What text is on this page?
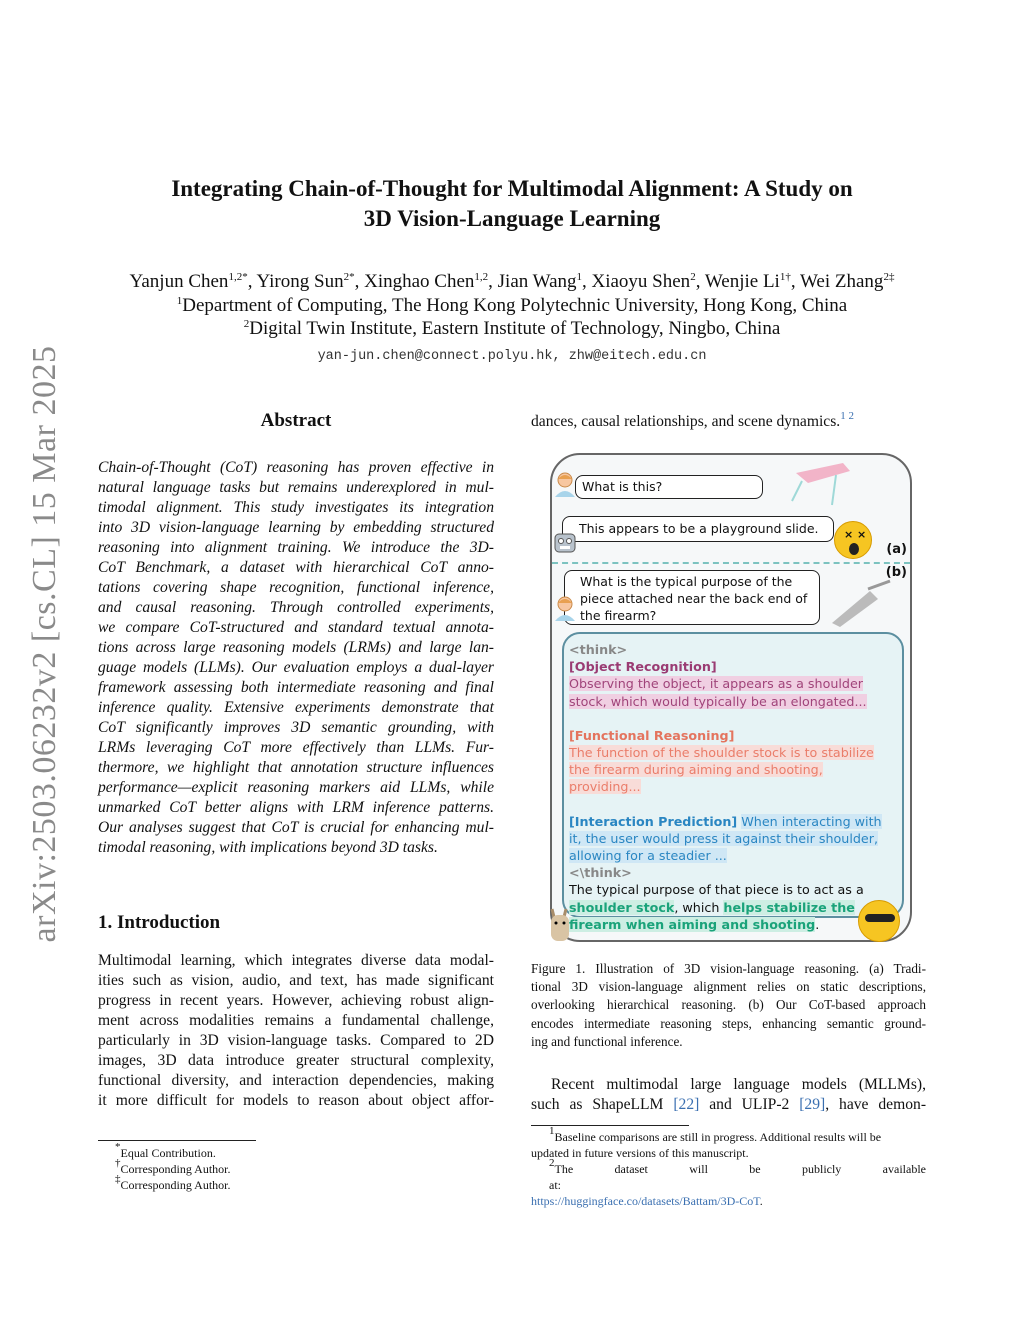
Integrating Chain-of-Thought for Multimodal Alignment: A Study on
3D Vision-Language Learning
Yanjun Chen$^{1,2*}$, Yirong Sun$^{2*}$, Xinghao Chen$^{1,2}$, Jian Wang$^1$, Xiaoyu Shen$^2$, Wenjie $Li^{1\dagger}$, Wei Zhang$^{2\ddagger}$
$^1$Department of Computing, The Hong Kong Polytechnic University, Hong Kong, China
$^2$Digital Twin Institute, Eastern Institute of Technology, Ningbo, China
yan-jun.chen@connect.polyu.hk, zhw@eitech.edu.cn
arXiv:2503.06232v2 [cs.CL] 15 Mar 2025	Abstract
Chain-of-Thought (CoT) reasoning has proven effective in
natural language tasks but remains underexplored in mul-
timodal alignment. This study investigates its integration
into 3D vision-language learning by embedding structured
reasoning into alignment training. We introduce the 3D-
CoT Benchmark, a dataset with hierarchical CoT anno-
tations covering shape recognition, functional inference,
and causal reasoning. Through controlled experiments,
we compare CoT-structured and standard textual annota-
tions across large reasoning models (LRMs) and large lan-
guage models (LLMs). Our evaluation employs a dual-layer
framework assessing both intermediate reasoning and final
inference quality. Extensive experiments demonstrate that
CoT significantly improves 3D semantic grounding, with
LRMs leveraging CoT more effectively than LLMs. Fur-
thermore, we highlight that annotation structure influences
performance—explicit reasoning markers aid LLMs, while
unmarked CoT better aligns with LRM inference patterns.
Our analyses suggest that CoT is crucial for enhancing mul-
timodal reasoning, with implications beyond 3D tasks.
1. Introduction
Multimodal learning, which integrates diverse data modal-
ities such as vision, audio, and text, has made significant
progress in recent years. However, achieving robust align-
ment across modalities remains a fundamental challenge,
particularly in 3D vision-language tasks. Compared to 2D
images, 3D data introduce greater structural complexity,
functional diversity, and interaction dependencies, making
it more difficult for models to reason about object affor-
*Equal Contribution.
†Corresponding Author.
‡Corresponding Author.
dances, causal relationships, and scene dynamics.$^{1 2}$
What is this?
This appears to be a playground slide.	× ×
(a)
(b)
What is the typical purpose of the piece attached near the back end of the firearm?
<think>
[Object Recognition]
Observing the object, it appears as a shoulder stock, which would typically be an elongated...
[Functional Reasoning]
The function of the shoulder stock is to stabilize the firearm during aiming and shooting, providing...
[Interaction Prediction] When interacting with it, the user would press it against their shoulder, allowing for a steadier ...
<\think>
The typical purpose of that piece is to act as a shoulder stock, which helps stabilize the firearm when aiming and shooting.
Figure 1. Illustration of 3D vision-language reasoning. (a) Tradi-
tional 3D vision-language alignment relies on static descriptions,
overlooking hierarchical reasoning. (b) Our CoT-based approach
encodes intermediate reasoning steps, enhancing semantic ground-
ing and functional inference.
Recent multimodal large language models (MLLMs),
such as ShapeLLM [22] and ULIP-2 [29], have demon-
$^1$Baseline comparisons are still in progress. Additional results will be
updated in future versions of this manuscript.
$^2$The dataset will be publicly available at:
https://huggingface.co/datasets/Battam/3D-CoT.
